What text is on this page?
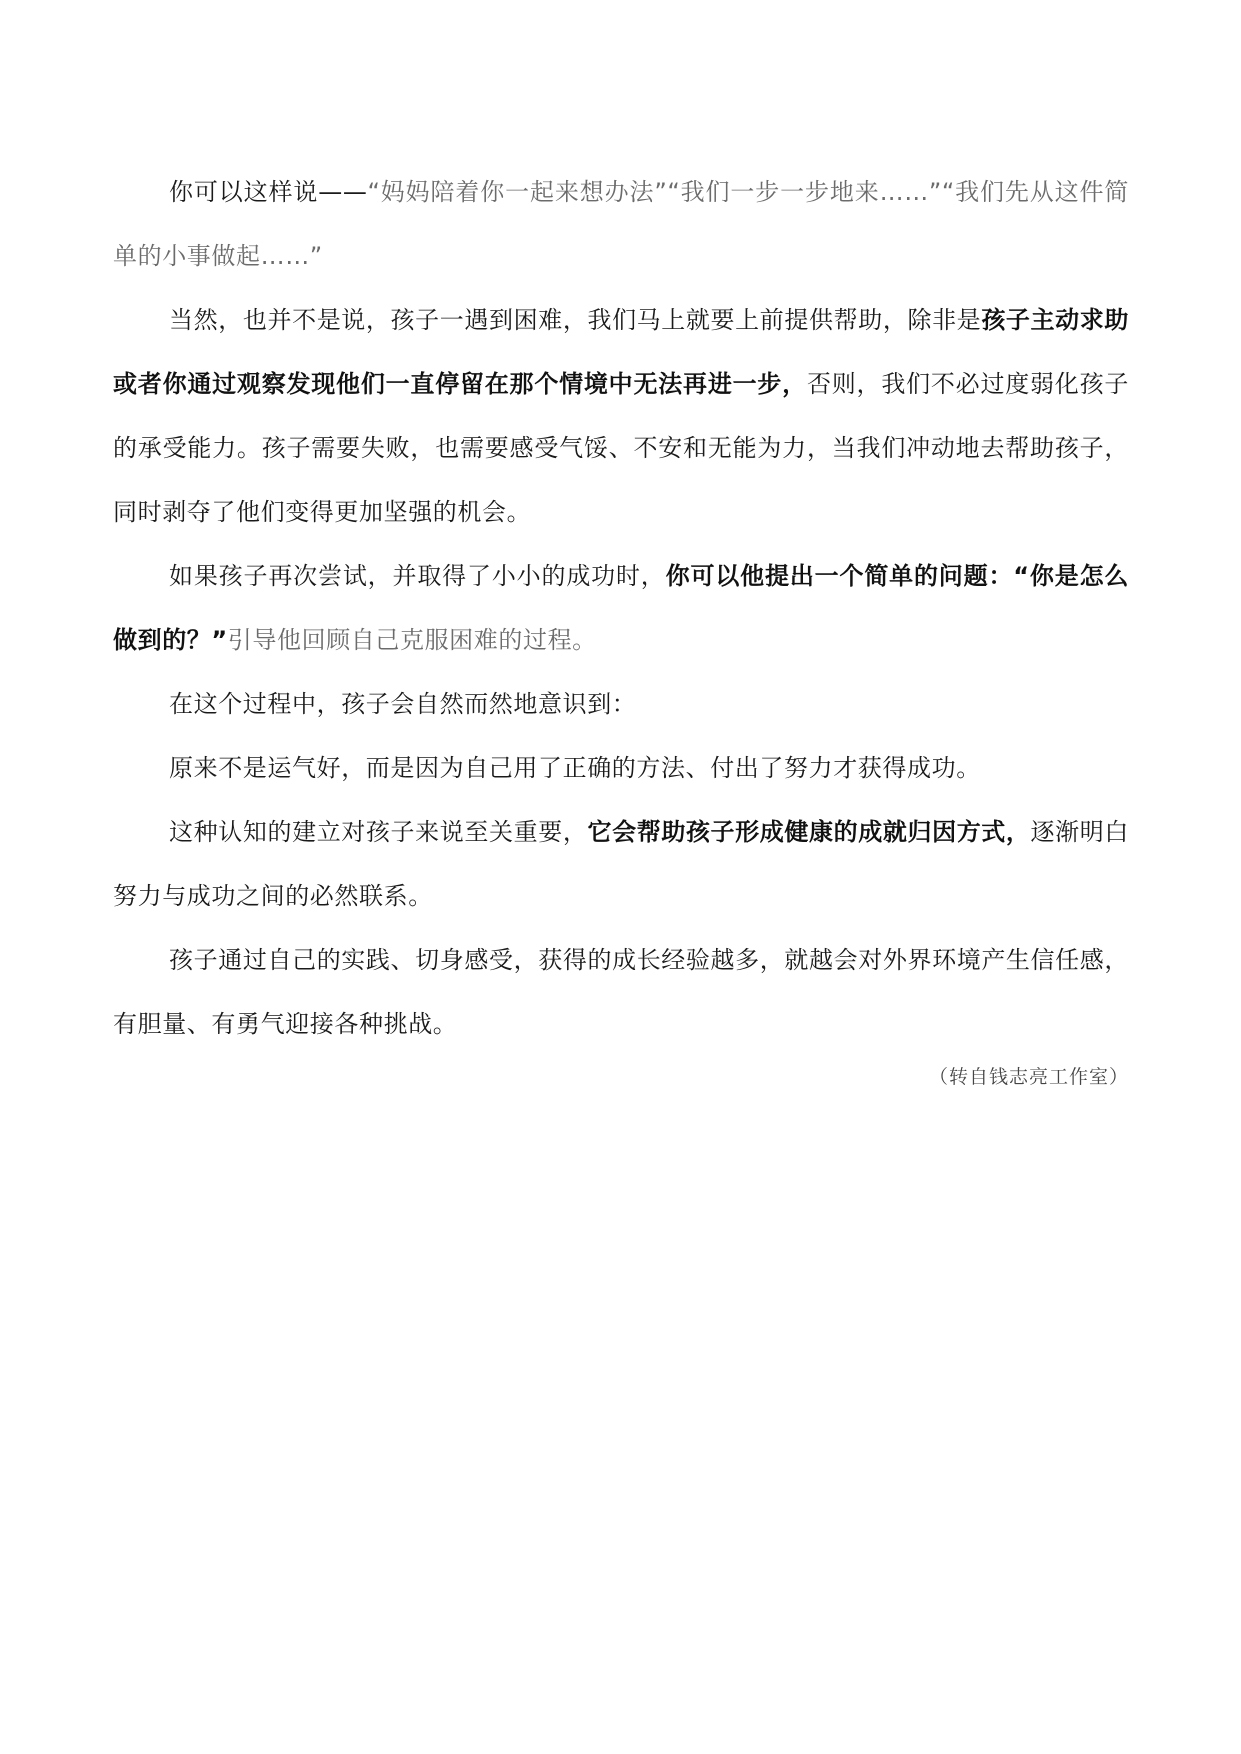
你可以这样说——“妈妈陪着你一起来想办法”“我们一步一步地来……”“我们先从这件简单的小事做起……”

当然，也并不是说，孩子一遇到困难，我们马上就要上前提供帮助，除非是孩子主动求助或者你通过观察发现他们一直停留在那个情境中无法再进一步，否则，我们不必过度弱化孩子的承受能力。孩子需要失败，也需要感受气馁、不安和无能为力，当我们冲动地去帮助孩子，同时剥夺了他们变得更加坚强的机会。

如果孩子再次尝试，并取得了小小的成功时，你可以他提出一个简单的问题：“你是怎么做到的？”引导他回顾自己克服困难的过程。

在这个过程中，孩子会自然而然地意识到：

原来不是运气好，而是因为自己用了正确的方法、付出了努力才获得成功。

这种认知的建立对孩子来说至关重要，它会帮助孩子形成健康的成就归因方式，逐渐明白努力与成功之间的必然联系。

孩子通过自己的实践、切身感受，获得的成长经验越多，就越会对外界环境产生信任感，有胆量、有勇气迎接各种挑战。

（转自钱志亮工作室）
